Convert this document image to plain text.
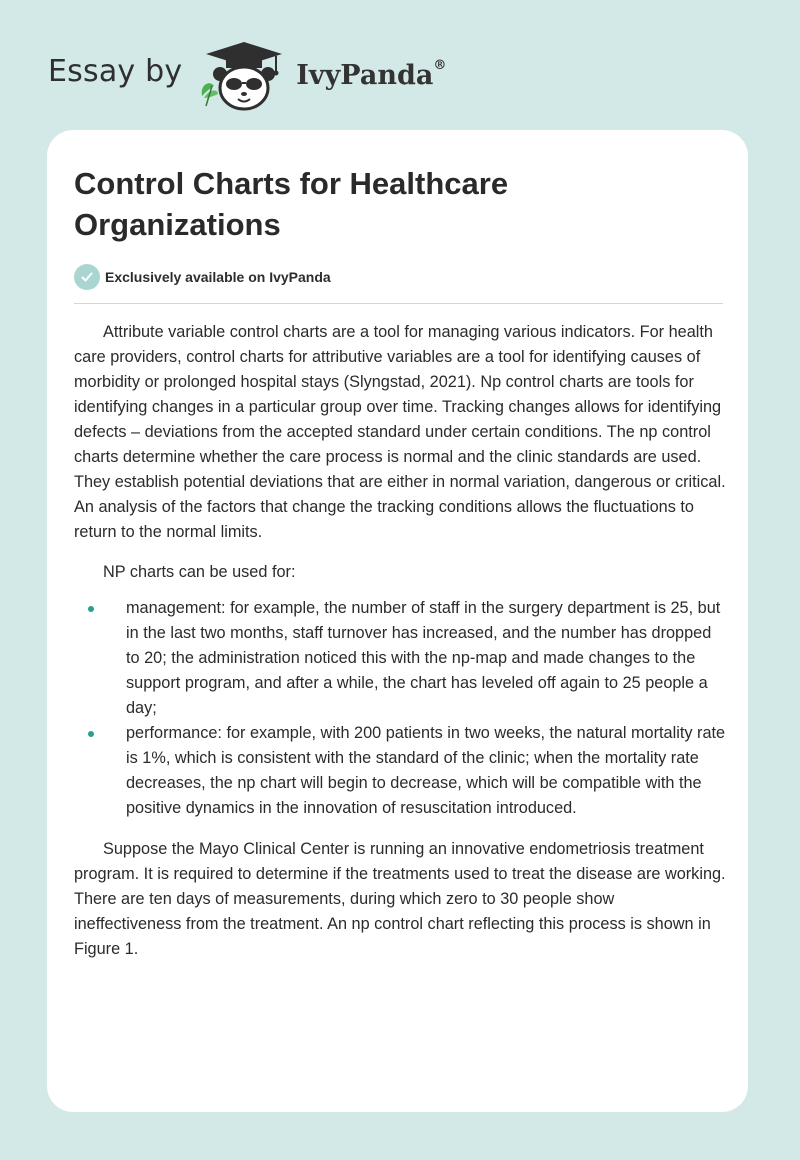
Essay by	IvyPanda®
Control Charts for Healthcare Organizations
Exclusively available on IvyPanda

Attribute variable control charts are a tool for managing various indicators. For health care providers, control charts for attributive variables are a tool for identifying causes of morbidity or prolonged hospital stays (Slyngstad, 2021). Np control charts are tools for identifying changes in a particular group over time. Tracking changes allows for identifying defects – deviations from the accepted standard under certain conditions. The np control charts determine whether the care process is normal and the clinic standards are used. They establish potential deviations that are either in normal variation, dangerous or critical. An analysis of the factors that change the tracking conditions allows the fluctuations to return to the normal limits.

NP charts can be used for:

management: for example, the number of staff in the surgery department is 25, but in the last two months, staff turnover has increased, and the number has dropped to 20; the administration noticed this with the np-map and made changes to the support program, and after a while, the chart has leveled off again to 25 people a day;
performance: for example, with 200 patients in two weeks, the natural mortality rate is 1%, which is consistent with the standard of the clinic; when the mortality rate decreases, the np chart will begin to decrease, which will be compatible with the positive dynamics in the innovation of resuscitation introduced.

Suppose the Mayo Clinical Center is running an innovative endometriosis treatment program. It is required to determine if the treatments used to treat the disease are working. There are ten days of measurements, during which zero to 30 people show ineffectiveness from the treatment. An np control chart reflecting this process is shown in Figure 1.
